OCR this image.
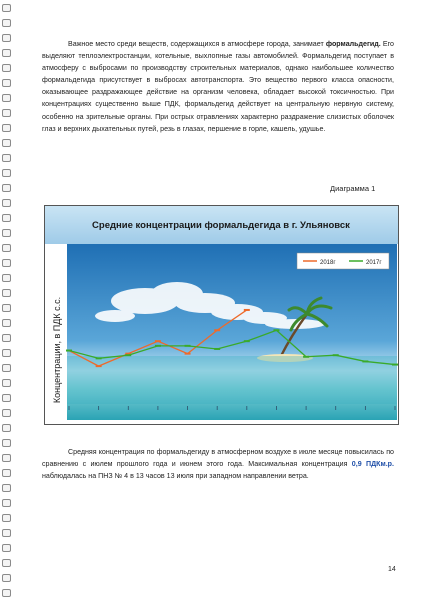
Важное место среди веществ, содержащихся в атмосфере города, занимает формальдегид. Его выделяют теплоэлектростанции, котельные, выхлопные газы автомобилей. Формальдегид поступает в атмосферу с выбросами по производству строительных материалов, однако наибольшее количество формальдегида присутствует в выбросах автотранспорта. Это вещество первого класса опасности, оказывающее раздражающее действие на организм человека, обладает высокой токсичностью. При концентрациях существенно выше ПДК, формальдегид действует на центральную нервную систему, особенно на зрительные органы. При острых отравлениях характерно раздражение слизистых оболочек глаз и верхних дыхательных путей, резь в глазах, першение в горле, кашель, удушье.

Диаграмма 1
Средние концентрации формальдегида в г. Ульяновск
Концентрации, в ПДК с.с.
2018г	2017г

Средняя концентрация по формальдегиду в атмосферном воздухе в июле месяце повысилась по сравнению с июлем прошлого года и июнем этого года. Максимальная концентрация 0,9 ПДКм.р. наблюдалась на ПНЗ № 4 в 13 часов 13 июля при западном направлении ветра.

14
